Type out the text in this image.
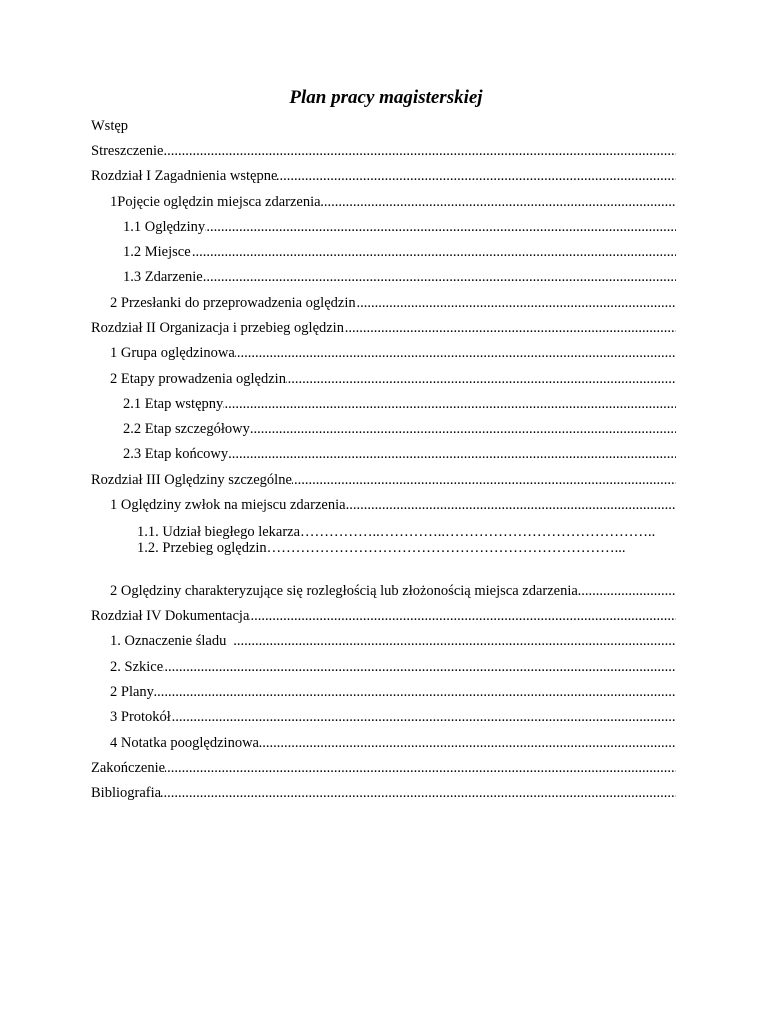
Plan pracy magisterskiej
Wstęp
.....
Streszczenie
.....
Rozdział I Zagadnienia wstępne
.....
1Pojęcie oględzin miejsca zdarzenia
.....
1.1 Oględziny
.....
1.2 Miejsce
.....
1.3 Zdarzenie
.....
2 Przesłanki do przeprowadzenia oględzin
.....
Rozdział II Organizacja i przebieg oględzin
.....
1 Grupa oględzinowa
.....
2 Etapy prowadzenia oględzin
.....
2.1 Etap wstępny
.....
2.2 Etap szczegółowy
.....
2.3 Etap końcowy
.....
Rozdział III Oględziny szczególne
.....
1 Oględziny zwłok na miejscu zdarzenia
1.1. Udział biegłego lekarza……………..…………..……………………………………..
1.2. Przebieg oględzin………………………………………………………………...
.....
2 Oględziny charakteryzujące się rozległością lub złożonością miejsca zdarzenia
.....
Rozdział IV Dokumentacja
.....
1. Oznaczenie śladu
.....
2. Szkice
.....
2 Plany
.....
3 Protokół
.....
4 Notatka pooględzinowa
.....
Zakończenie
.....
Bibliografia
